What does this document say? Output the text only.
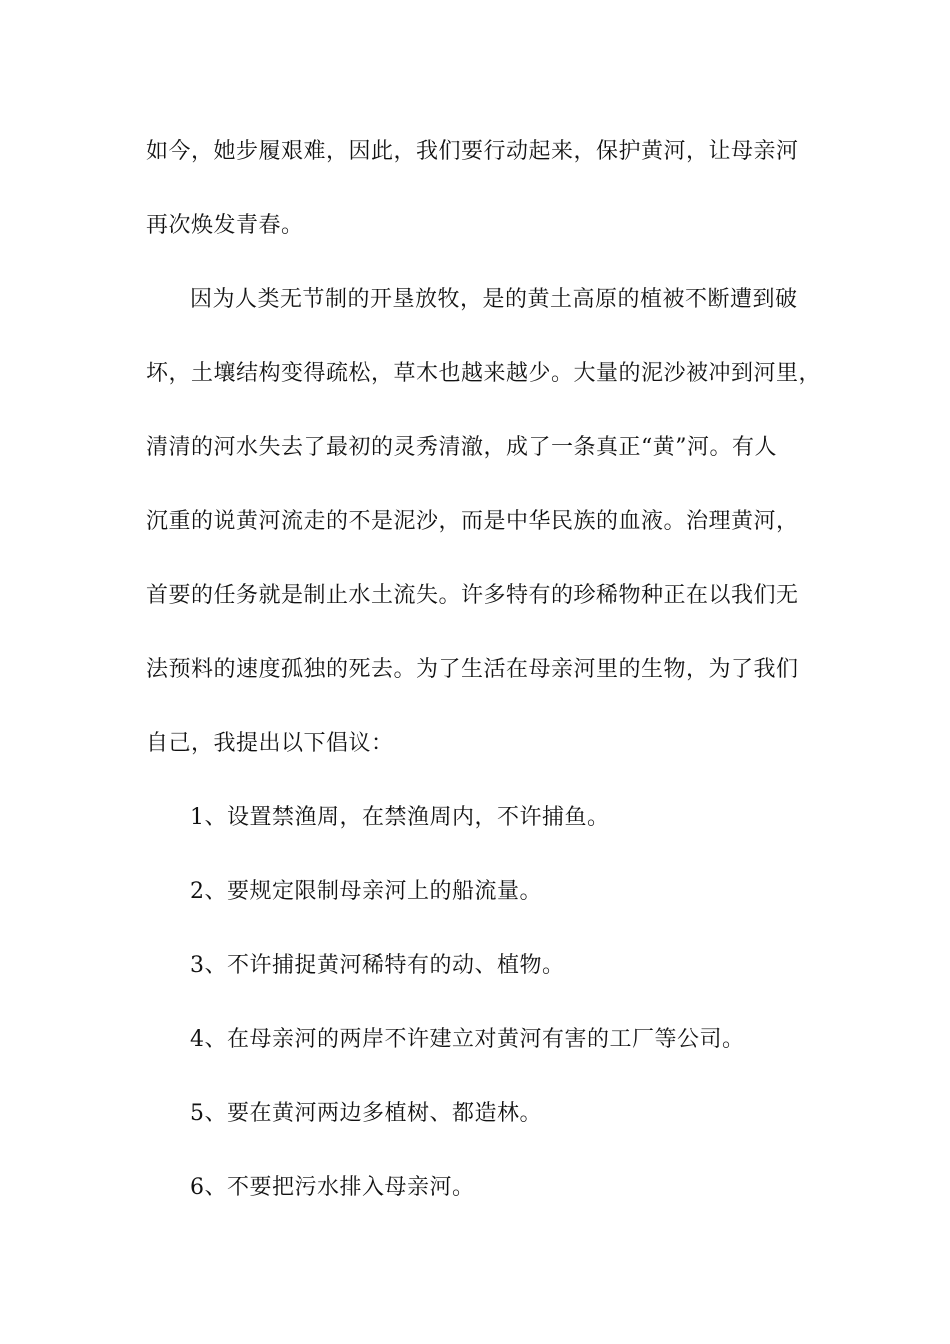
如今，她步履艰难，因此，我们要行动起来，保护黄河，让母亲河
再次焕发青春。
因为人类无节制的开垦放牧，是的黄土高原的植被不断遭到破
坏，土壤结构变得疏松，草木也越来越少。大量的泥沙被冲到河里，
清清的河水失去了最初的灵秀清澈，成了一条真正“黄”河。有人
沉重的说黄河流走的不是泥沙，而是中华民族的血液。治理黄河，
首要的任务就是制止水土流失。许多特有的珍稀物种正在以我们无
法预料的速度孤独的死去。为了生活在母亲河里的生物，为了我们
自己，我提出以下倡议：
1、设置禁渔周，在禁渔周内，不许捕鱼。
2、要规定限制母亲河上的船流量。
3、不许捕捉黄河稀特有的动、植物。
4、在母亲河的两岸不许建立对黄河有害的工厂等公司。
5、要在黄河两边多植树、都造林。
6、不要把污水排入母亲河。
